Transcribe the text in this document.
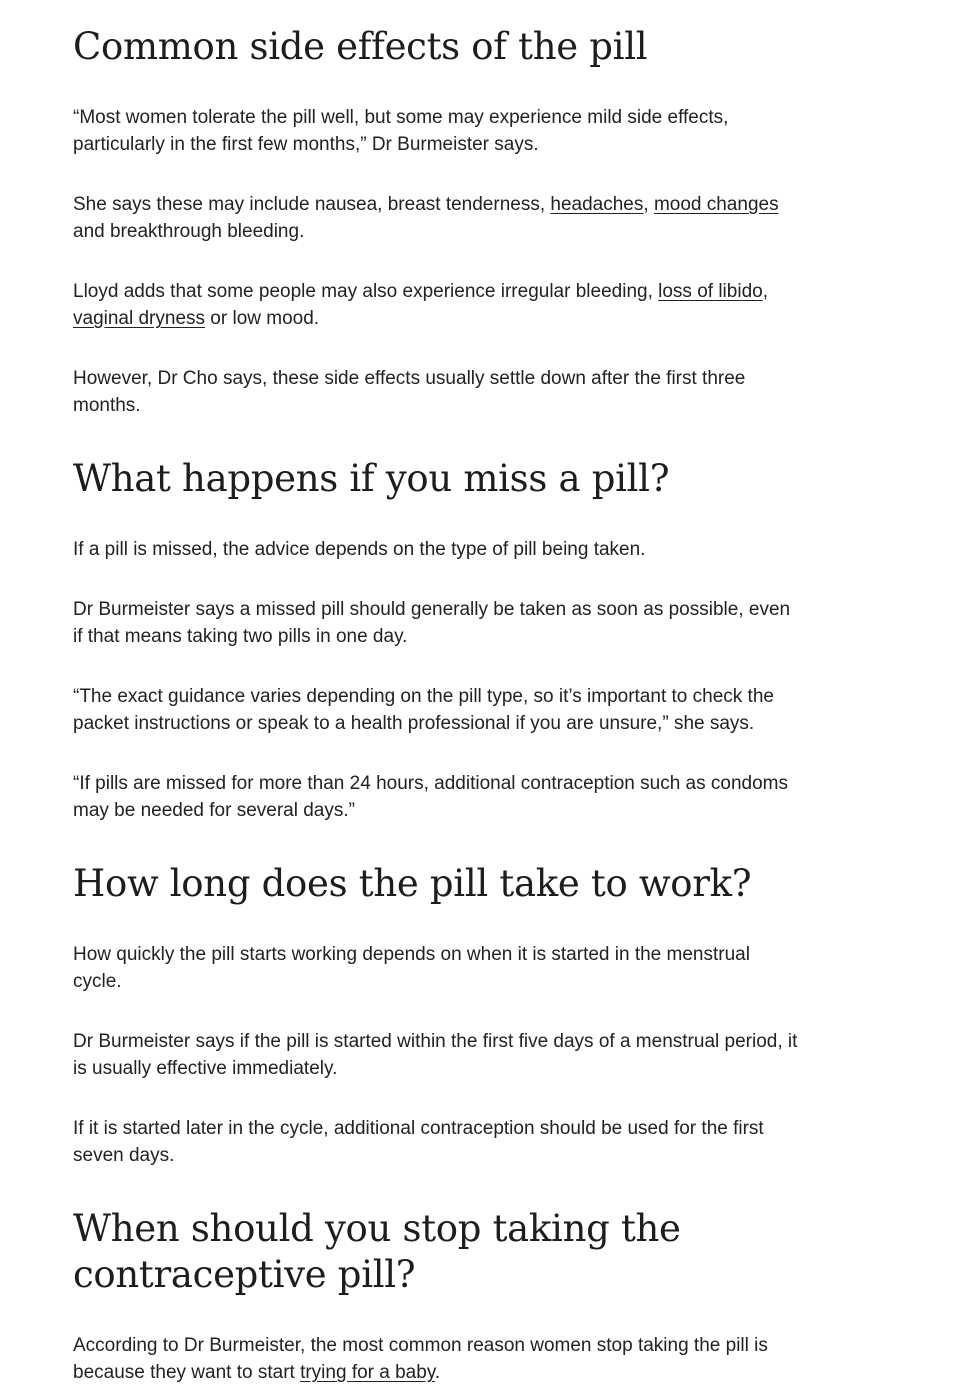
Common side effects of the pill

“Most women tolerate the pill well, but some may experience mild side effects, particularly in the first few months,” Dr Burmeister says.

She says these may include nausea, breast tenderness, headaches, mood changes and breakthrough bleeding.

Lloyd adds that some people may also experience irregular bleeding, loss of libido, vaginal dryness or low mood.

However, Dr Cho says, these side effects usually settle down after the first three months.

What happens if you miss a pill?

If a pill is missed, the advice depends on the type of pill being taken.

Dr Burmeister says a missed pill should generally be taken as soon as possible, even if that means taking two pills in one day.

“The exact guidance varies depending on the pill type, so it’s important to check the packet instructions or speak to a health professional if you are unsure,” she says.

“If pills are missed for more than 24 hours, additional contraception such as condoms may be needed for several days.”

How long does the pill take to work?

How quickly the pill starts working depends on when it is started in the menstrual cycle.

Dr Burmeister says if the pill is started within the first five days of a menstrual period, it is usually effective immediately.

If it is started later in the cycle, additional contraception should be used for the first seven days.

When should you stop taking the contraceptive pill?

According to Dr Burmeister, the most common reason women stop taking the pill is because they want to start trying for a baby.
